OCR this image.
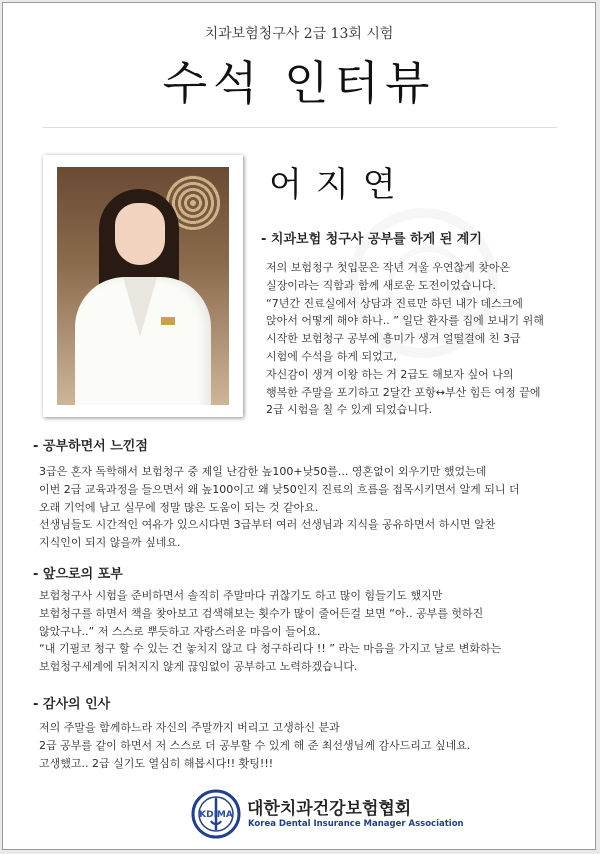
치과보험청구사 2급 13회 시험
수석 인터뷰
어지연
- 치과보험 청구사 공부를 하게 된 계기
저의 보험청구 첫입문은 작년 겨울 우연찮게 찾아온
실장이라는 직함과 함께 새로운 도전이었습니다.
“7년간 진료실에서 상담과 진료만 하던 내가 데스크에
앉아서 어떻게 해야 하나.. ” 일단 환자를 집에 보내기 위해
시작한 보험청구 공부에 흥미가 생겨 얼떨결에 친 3급
시험에 수석을 하게 되었고,
자신감이 생겨 이왕 하는 거 2급도 해보자 싶어 나의
행복한 주말을 포기하고 2달간 포항↔부산 힘든 여정 끝에
2급 시험을 칠 수 있게 되었습니다.
- 공부하면서 느낀점
3급은 혼자 독학해서 보험청구 중 제일 난감한 높100+낮50를... 영혼없이 외우기만 했었는데
이번 2급 교육과정을 들으면서 왜 높100이고 왜 낮50인지 진료의 흐름을 접목시키면서 알게 되니 더
오래 기억에 남고 실무에 정말 많은 도움이 되는 것 같아요.
선생님들도 시간적인 여유가 있으시다면 3급부터 여러 선생님과 지식을 공유하면서 하시면 알찬
지식인이 되지 않을까 싶네요.
- 앞으로의 포부
보험청구사 시험을 준비하면서 솔직히 주말마다 귀찮기도 하고 많이 힘들기도 했지만
보험청구를 하면서 책을 찾아보고 검색해보는 횟수가 많이 줄어든걸 보면 “아.. 공부를 헛하진
않았구나..” 저 스스로 뿌듯하고 자랑스러운 마음이 들어요.
“내 기필코 청구 할 수 있는 건 놓치지 않고 다 청구하리다 !! ” 라는 마음을 가지고 날로 변화하는
보험청구세계에 뒤처지지 않게 끊임없이 공부하고 노력하겠습니다.
- 감사의 인사
저의 주말을 함께하느라 자신의 주말까지 버리고 고생하신 분과
2급 공부를 같이 하면서 저 스스로 더 공부할 수 있게 해 준 최선생님께 감사드리고 싶네요.
고생했고.. 2급 실기도 열심히 해봅시다!! 홧팅!!!
KDIMA 대한치과건강보험협회
Korea Dental Insurance Manager Association
